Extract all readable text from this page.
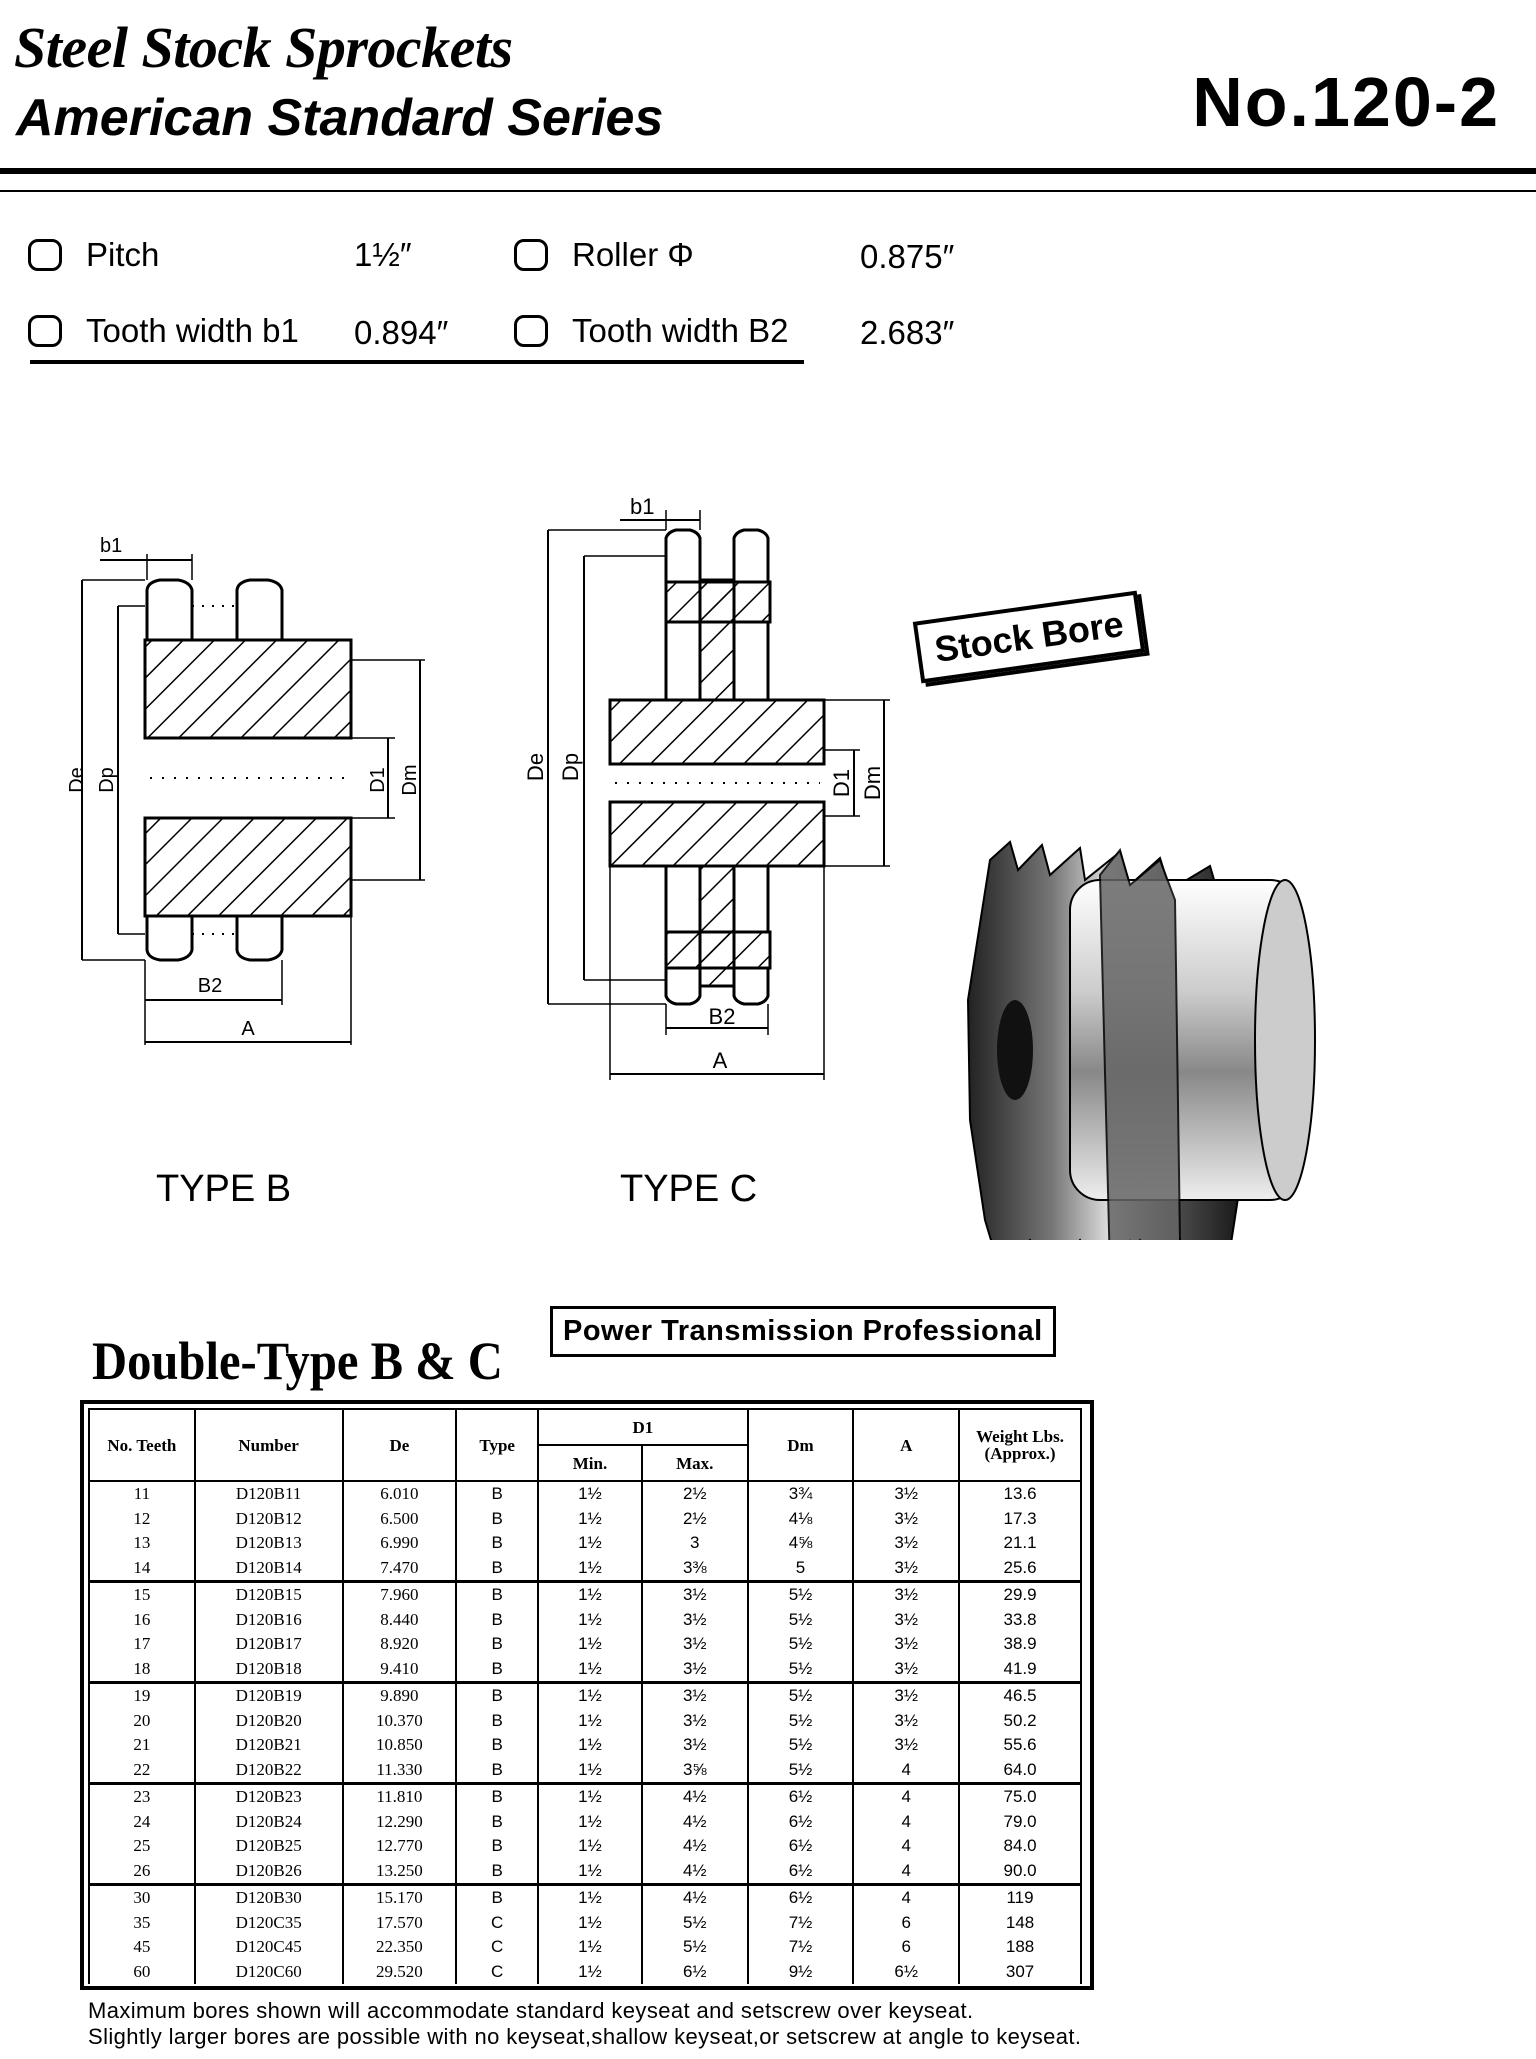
Steel Stock Sprockets
American Standard Series	No.120-2
Pitch	1½″	Roller Φ	0.875″
Tooth width b1 0.894″	Tooth width B2 2.683″
b1
De Dp	D1 Dm
B2
A
b1
De Dp
D1 Dm
B2
A
TYPE B	TYPE C
Stock Bore
Power Transmission Professional
Double-Type B & C
No. Teeth	Number	De	Type	D1		Dm	A	Weight Lbs. (Approx.)
				Min.	Max.			
11	D120B11	6.010	B	1½	2½	3¾	3½	13.6
12	D120B12	6.500	B	1½	2½	4⅛	3½	17.3
13	D120B13	6.990	B	1½	3	4⅝	3½	21.1
14	D120B14	7.470	B	1½	3⅜	5	3½	25.6
15	D120B15	7.960	B	1½	3½	5½	3½	29.9
16	D120B16	8.440	B	1½	3½	5½	3½	33.8
17	D120B17	8.920	B	1½	3½	5½	3½	38.9
18	D120B18	9.410	B	1½	3½	5½	3½	41.9
19	D120B19	9.890	B	1½	3½	5½	3½	46.5
20	D120B20	10.370	B	1½	3½	5½	3½	50.2
21	D120B21	10.850	B	1½	3½	5½	3½	55.6
22	D120B22	11.330	B	1½	3⅝	5½	4	64.0
23	D120B23	11.810	B	1½	4½	6½	4	75.0
24	D120B24	12.290	B	1½	4½	6½	4	79.0
25	D120B25	12.770	B	1½	4½	6½	4	84.0
26	D120B26	13.250	B	1½	4½	6½	4	90.0
30	D120B30	15.170	B	1½	4½	6½	4	119
35	D120C35	17.570	C	1½	5½	7½	6	148
45	D120C45	22.350	C	1½	5½	7½	6	188
60	D120C60	29.520	C	1½	6½	9½	6½	307
Maximum bores shown will accommodate standard keyseat and setscrew over keyseat.
Slightly larger bores are possible with no keyseat,shallow keyseat,or setscrew at angle to keyseat.
